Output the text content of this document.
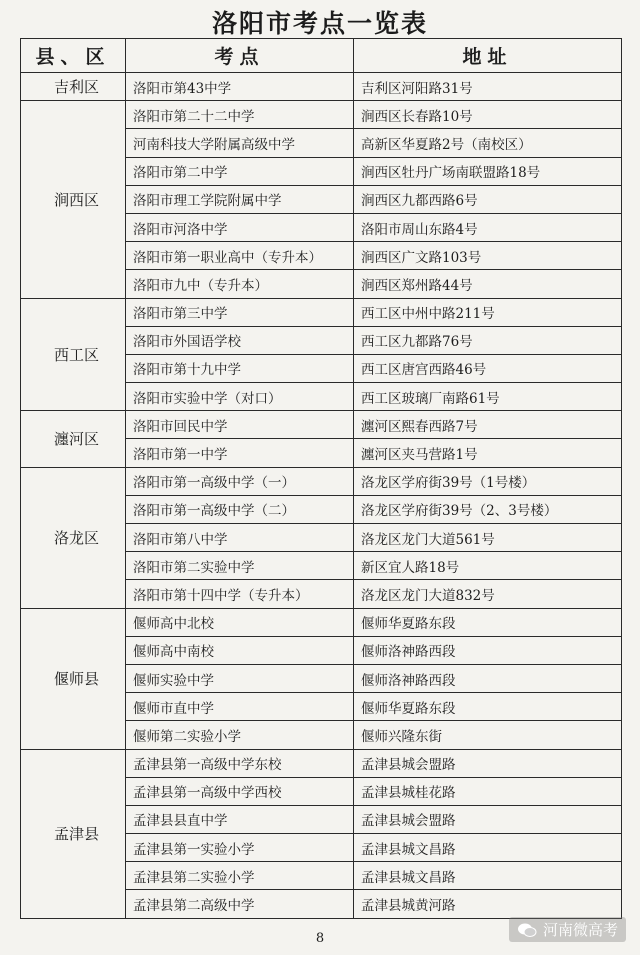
洛阳市考点一览表
县、区	考点	地址
吉利区	洛阳市第43中学	吉利区河阳路31号
涧西区	洛阳市第二十二中学	涧西区长春路10号
	河南科技大学附属高级中学	高新区华夏路2号（南校区）
	洛阳市第二中学	涧西区牡丹广场南联盟路18号
	洛阳市理工学院附属中学	涧西区九都西路6号
	洛阳市河洛中学	洛阳市周山东路4号
	洛阳市第一职业高中（专升本）	涧西区广文路103号
	洛阳市九中（专升本）	涧西区郑州路44号
西工区	洛阳市第三中学	西工区中州中路211号
	洛阳市外国语学校	西工区九都路76号
	洛阳市第十九中学	西工区唐宫西路46号
	洛阳市实验中学（对口）	西工区玻璃厂南路61号
瀍河区	洛阳市回民中学	瀍河区熙春西路7号
	洛阳市第一中学	瀍河区夹马营路1号
洛龙区	洛阳市第一高级中学（一）	洛龙区学府街39号（1号楼）
	洛阳市第一高级中学（二）	洛龙区学府街39号（2、3号楼）
	洛阳市第八中学	洛龙区龙门大道561号
	洛阳市第二实验中学	新区宜人路18号
	洛阳市第十四中学（专升本）	洛龙区龙门大道832号
偃师县	偃师高中北校	偃师华夏路东段
	偃师高中南校	偃师洛神路西段
	偃师实验中学	偃师洛神路西段
	偃师市直中学	偃师华夏路东段
	偃师第二实验小学	偃师兴隆东街
孟津县	孟津县第一高级中学东校	孟津县城会盟路
	孟津县第一高级中学西校	孟津县城桂花路
	孟津县县直中学	孟津县城会盟路
	孟津县第一实验小学	孟津县城文昌路
	孟津县第二实验小学	孟津县城文昌路
	孟津县第二高级中学	孟津县城黄河路
8	河南微高考
